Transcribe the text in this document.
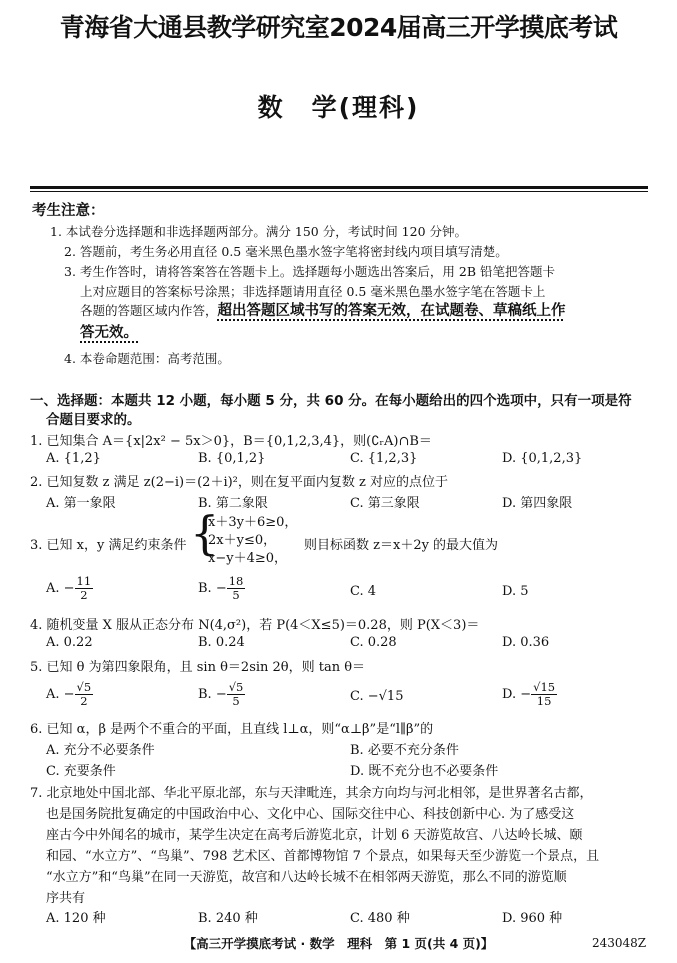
青海省大通县教学研究室2024届高三开学摸底考试
数　学(理科)
考生注意：
1. 本试卷分选择题和非选择题两部分。满分 150 分，考试时间 120 分钟。
2. 答题前，考生务必用直径 0.5 毫米黑色墨水签字笔将密封线内项目填写清楚。
3. 考生作答时，请将答案答在答题卡上。选择题每小题选出答案后，用 2B 铅笔把答题卡
上对应题目的答案标号涂黑；非选择题请用直径 0.5 毫米黑色墨水签字笔在答题卡上
各题的答题区域内作答，超出答题区域书写的答案无效，在试题卷、草稿纸上作
答无效。
4. 本卷命题范围：高考范围。
一、选择题：本题共 12 小题，每小题 5 分，共 60 分。在每小题给出的四个选项中，只有一项是符
合题目要求的。
1. 已知集合 A＝{x|2x² − 5x＞0}，B＝{0,1,2,3,4}，则(∁ᵣA)∩B＝
A. {1,2}	B. {0,1,2}	C. {1,2,3}	D. {0,1,2,3}
2. 已知复数 z 满足 z(2−i)＝(2＋i)²，则在复平面内复数 z 对应的点位于
A. 第一象限	B. 第二象限	C. 第三象限	D. 第四象限
3. 已知 x，y 满足约束条件 {
x＋3y＋6≥0，
2x＋y≤0，
x−y＋4≥0，
则目标函数 z＝x＋2y 的最大值为
A. − $\frac{11}{2}$	B. − $\frac{18}{5}$	C. 4	D. 5
4. 随机变量 X 服从正态分布 N(4,σ²)，若 P(4＜X≤5)＝0.28，则 P(X＜3)＝
A. 0.22	B. 0.24	C. 0.28	D. 0.36
5. 已知 θ 为第四象限角，且 sin θ＝2sin 2θ，则 tan θ＝
A. − $\frac{√5}{2}$	B. − $\frac{√5}{5}$	C. −√15	D. − $\frac{√15}{15}$
6. 已知 α，β 是两个不重合的平面，且直线 l⊥α，则“α⊥β”是“l∥β”的
A. 充分不必要条件	B. 必要不充分条件
C. 充要条件	D. 既不充分也不必要条件
7. 北京地处中国北部、华北平原北部，东与天津毗连，其余方向均与河北相邻，是世界著名古都，
也是国务院批复确定的中国政治中心、文化中心、国际交往中心、科技创新中心. 为了感受这
座古今中外闻名的城市，某学生决定在高考后游览北京，计划 6 天游览故宫、八达岭长城、颐
和园、“水立方”、“鸟巢”、798 艺术区、首都博物馆 7 个景点，如果每天至少游览一个景点，且
“水立方”和“鸟巢”在同一天游览，故宫和八达岭长城不在相邻两天游览，那么不同的游览顺
序共有
A. 120 种	B. 240 种	C. 480 种	D. 960 种
【高三开学摸底考试 · 数学　理科　第 1 页(共 4 页)】	243048Z
